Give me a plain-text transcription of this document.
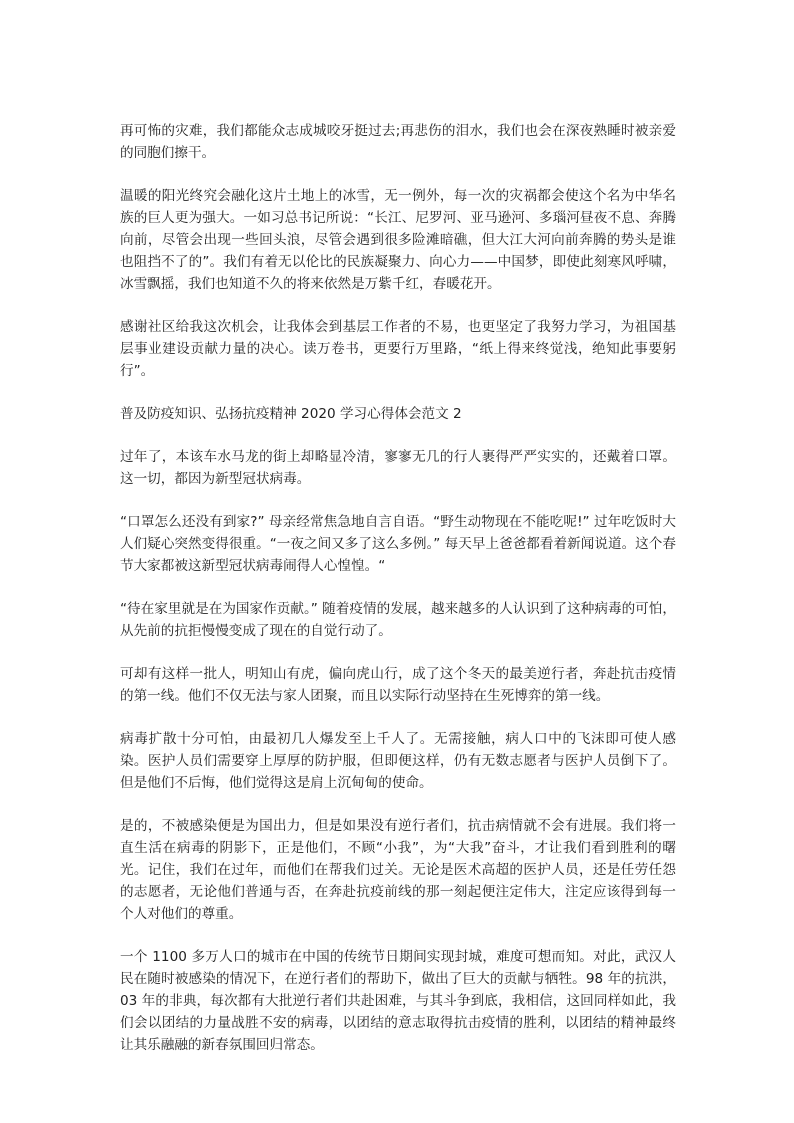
再可怖的灾难，我们都能众志成城咬牙挺过去;再悲伤的泪水，我们也会在深夜熟睡时被亲爱的同胞们擦干。

温暖的阳光终究会融化这片土地上的冰雪，无一例外，每一次的灾祸都会使这个名为中华名族的巨人更为强大。一如习总书记所说：“长江、尼罗河、亚马逊河、多瑙河昼夜不息、奔腾向前，尽管会出现一些回头浪，尽管会遇到很多险滩暗礁，但大江大河向前奔腾的势头是谁也阻挡不了的”。我们有着无以伦比的民族凝聚力、向心力——中国梦，即使此刻寒风呼啸，冰雪飘摇，我们也知道不久的将来依然是万紫千红，春暖花开。

感谢社区给我这次机会，让我体会到基层工作者的不易，也更坚定了我努力学习，为祖国基层事业建设贡献力量的决心。读万卷书，更要行万里路，“纸上得来终觉浅，绝知此事要躬行”。

普及防疫知识、弘扬抗疫精神 2020 学习心得体会范文 2

过年了，本该车水马龙的街上却略显冷清，寥寥无几的行人裹得严严实实的，还戴着口罩。这一切，都因为新型冠状病毒。

“口罩怎么还没有到家?” 母亲经常焦急地自言自语。“野生动物现在不能吃呢!” 过年吃饭时大人们疑心突然变得很重。“一夜之间又多了这么多例。” 每天早上爸爸都看着新闻说道。这个春节大家都被这新型冠状病毒闹得人心惶惶。“

“待在家里就是在为国家作贡献。” 随着疫情的发展，越来越多的人认识到了这种病毒的可怕，从先前的抗拒慢慢变成了现在的自觉行动了。

可却有这样一批人，明知山有虎，偏向虎山行，成了这个冬天的最美逆行者，奔赴抗击疫情的第一线。他们不仅无法与家人团聚，而且以实际行动坚持在生死博弈的第一线。

病毒扩散十分可怕，由最初几人爆发至上千人了。无需接触，病人口中的飞沫即可使人感染。医护人员们需要穿上厚厚的防护服，但即便这样，仍有无数志愿者与医护人员倒下了。但是他们不后悔，他们觉得这是肩上沉甸甸的使命。

是的，不被感染便是为国出力，但是如果没有逆行者们，抗击病情就不会有进展。我们将一直生活在病毒的阴影下，正是他们，不顾“小我”，为“大我”奋斗，才让我们看到胜利的曙光。记住，我们在过年，而他们在帮我们过关。无论是医术高超的医护人员，还是任劳任怨的志愿者，无论他们普通与否，在奔赴抗疫前线的那一刻起便注定伟大，注定应该得到每一个人对他们的尊重。

一个 1100 多万人口的城市在中国的传统节日期间实现封城，难度可想而知。对此，武汉人民在随时被感染的情况下，在逆行者们的帮助下，做出了巨大的贡献与牺牲。98 年的抗洪，03 年的非典，每次都有大批逆行者们共赴困难，与其斗争到底，我相信，这回同样如此，我们会以团结的力量战胜不安的病毒，以团结的意志取得抗击疫情的胜利，以团结的精神最终让其乐融融的新春氛围回归常态。
